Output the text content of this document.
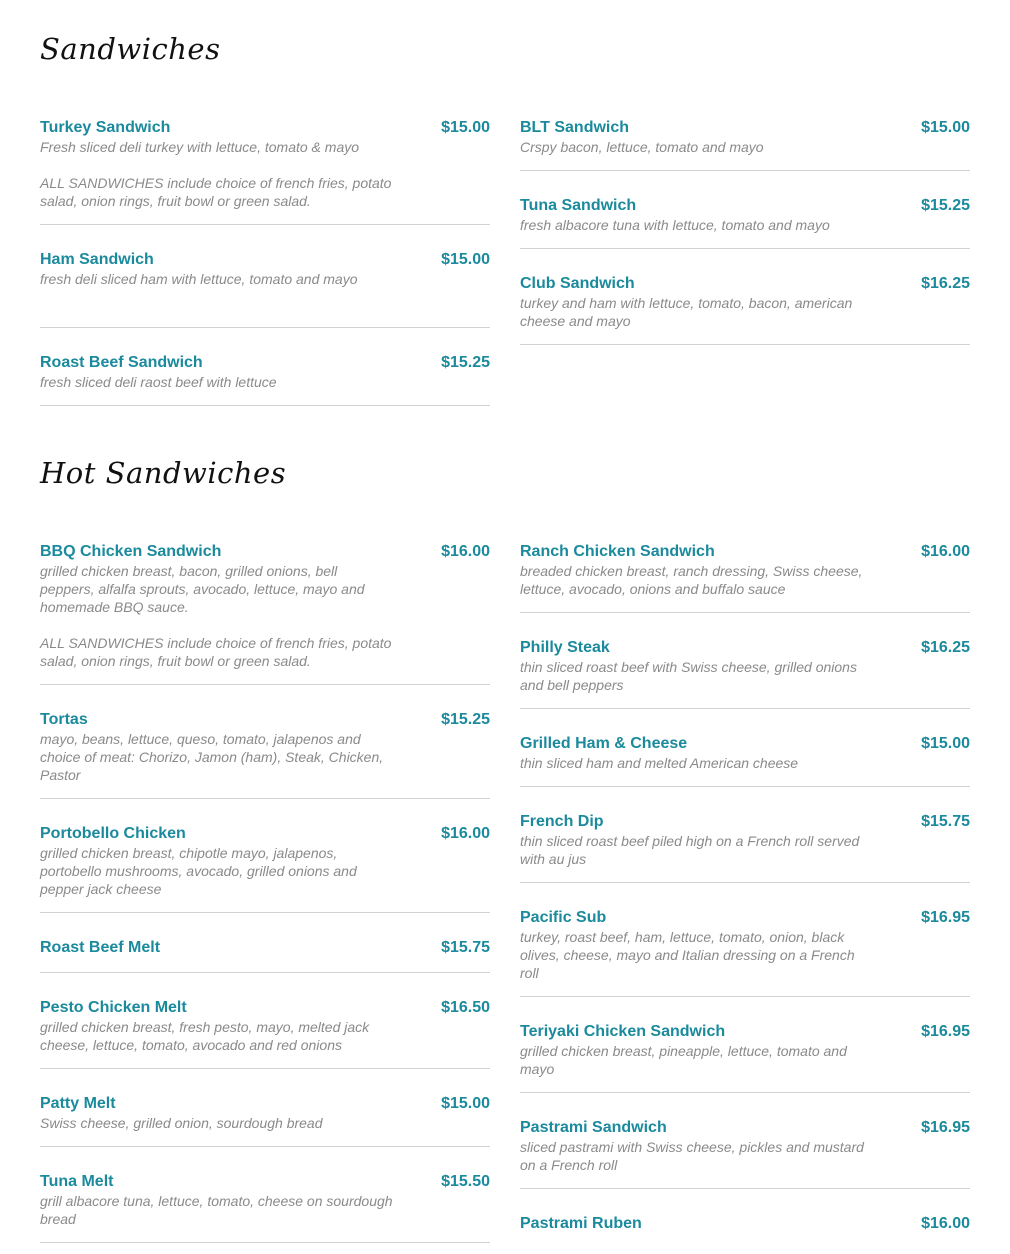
Sandwiches
Turkey Sandwich	$15.00
Fresh sliced deli turkey with lettuce, tomato & mayo
ALL SANDWICHES include choice of french fries, potato salad, onion rings, fruit bowl or green salad.
Ham Sandwich	$15.00
fresh deli sliced ham with lettuce, tomato and mayo
Roast Beef Sandwich	$15.25
fresh sliced deli raost beef with lettuce
BLT Sandwich	$15.00
Crspy bacon, lettuce, tomato and mayo
Tuna Sandwich	$15.25
fresh albacore tuna with lettuce, tomato and mayo
Club Sandwich	$16.25
turkey and ham with lettuce, tomato, bacon, american cheese and mayo
Hot Sandwiches
BBQ Chicken Sandwich	$16.00
grilled chicken breast, bacon, grilled onions, bell peppers, alfalfa sprouts, avocado, lettuce, mayo and homemade BBQ sauce.
ALL SANDWICHES include choice of french fries, potato salad, onion rings, fruit bowl or green salad.
Tortas	$15.25
mayo, beans, lettuce, queso, tomato, jalapenos and choice of meat: Chorizo, Jamon (ham), Steak, Chicken, Pastor
Portobello Chicken	$16.00
grilled chicken breast, chipotle mayo, jalapenos, portobello mushrooms, avocado, grilled onions and pepper jack cheese
Roast Beef Melt	$15.75
Pesto Chicken Melt	$16.50
grilled chicken breast, fresh pesto, mayo, melted jack cheese, lettuce, tomato, avocado and red onions
Patty Melt	$15.00
Swiss cheese, grilled onion, sourdough bread
Tuna Melt	$15.50
grill albacore tuna, lettuce, tomato, cheese on sourdough bread
Ranch Chicken Sandwich	$16.00
breaded chicken breast, ranch dressing, Swiss cheese, lettuce, avocado, onions and buffalo sauce
Philly Steak	$16.25
thin sliced roast beef with Swiss cheese, grilled onions and bell peppers
Grilled Ham & Cheese	$15.00
thin sliced ham and melted American cheese
French Dip	$15.75
thin sliced roast beef piled high on a French roll served with au jus
Pacific Sub	$16.95
turkey, roast beef, ham, lettuce, tomato, onion, black olives, cheese, mayo and Italian dressing on a French roll
Teriyaki Chicken Sandwich	$16.95
grilled chicken breast, pineapple, lettuce, tomato and mayo
Pastrami Sandwich	$16.95
sliced pastrami with Swiss cheese, pickles and mustard on a French roll
Pastrami Ruben	$16.00
